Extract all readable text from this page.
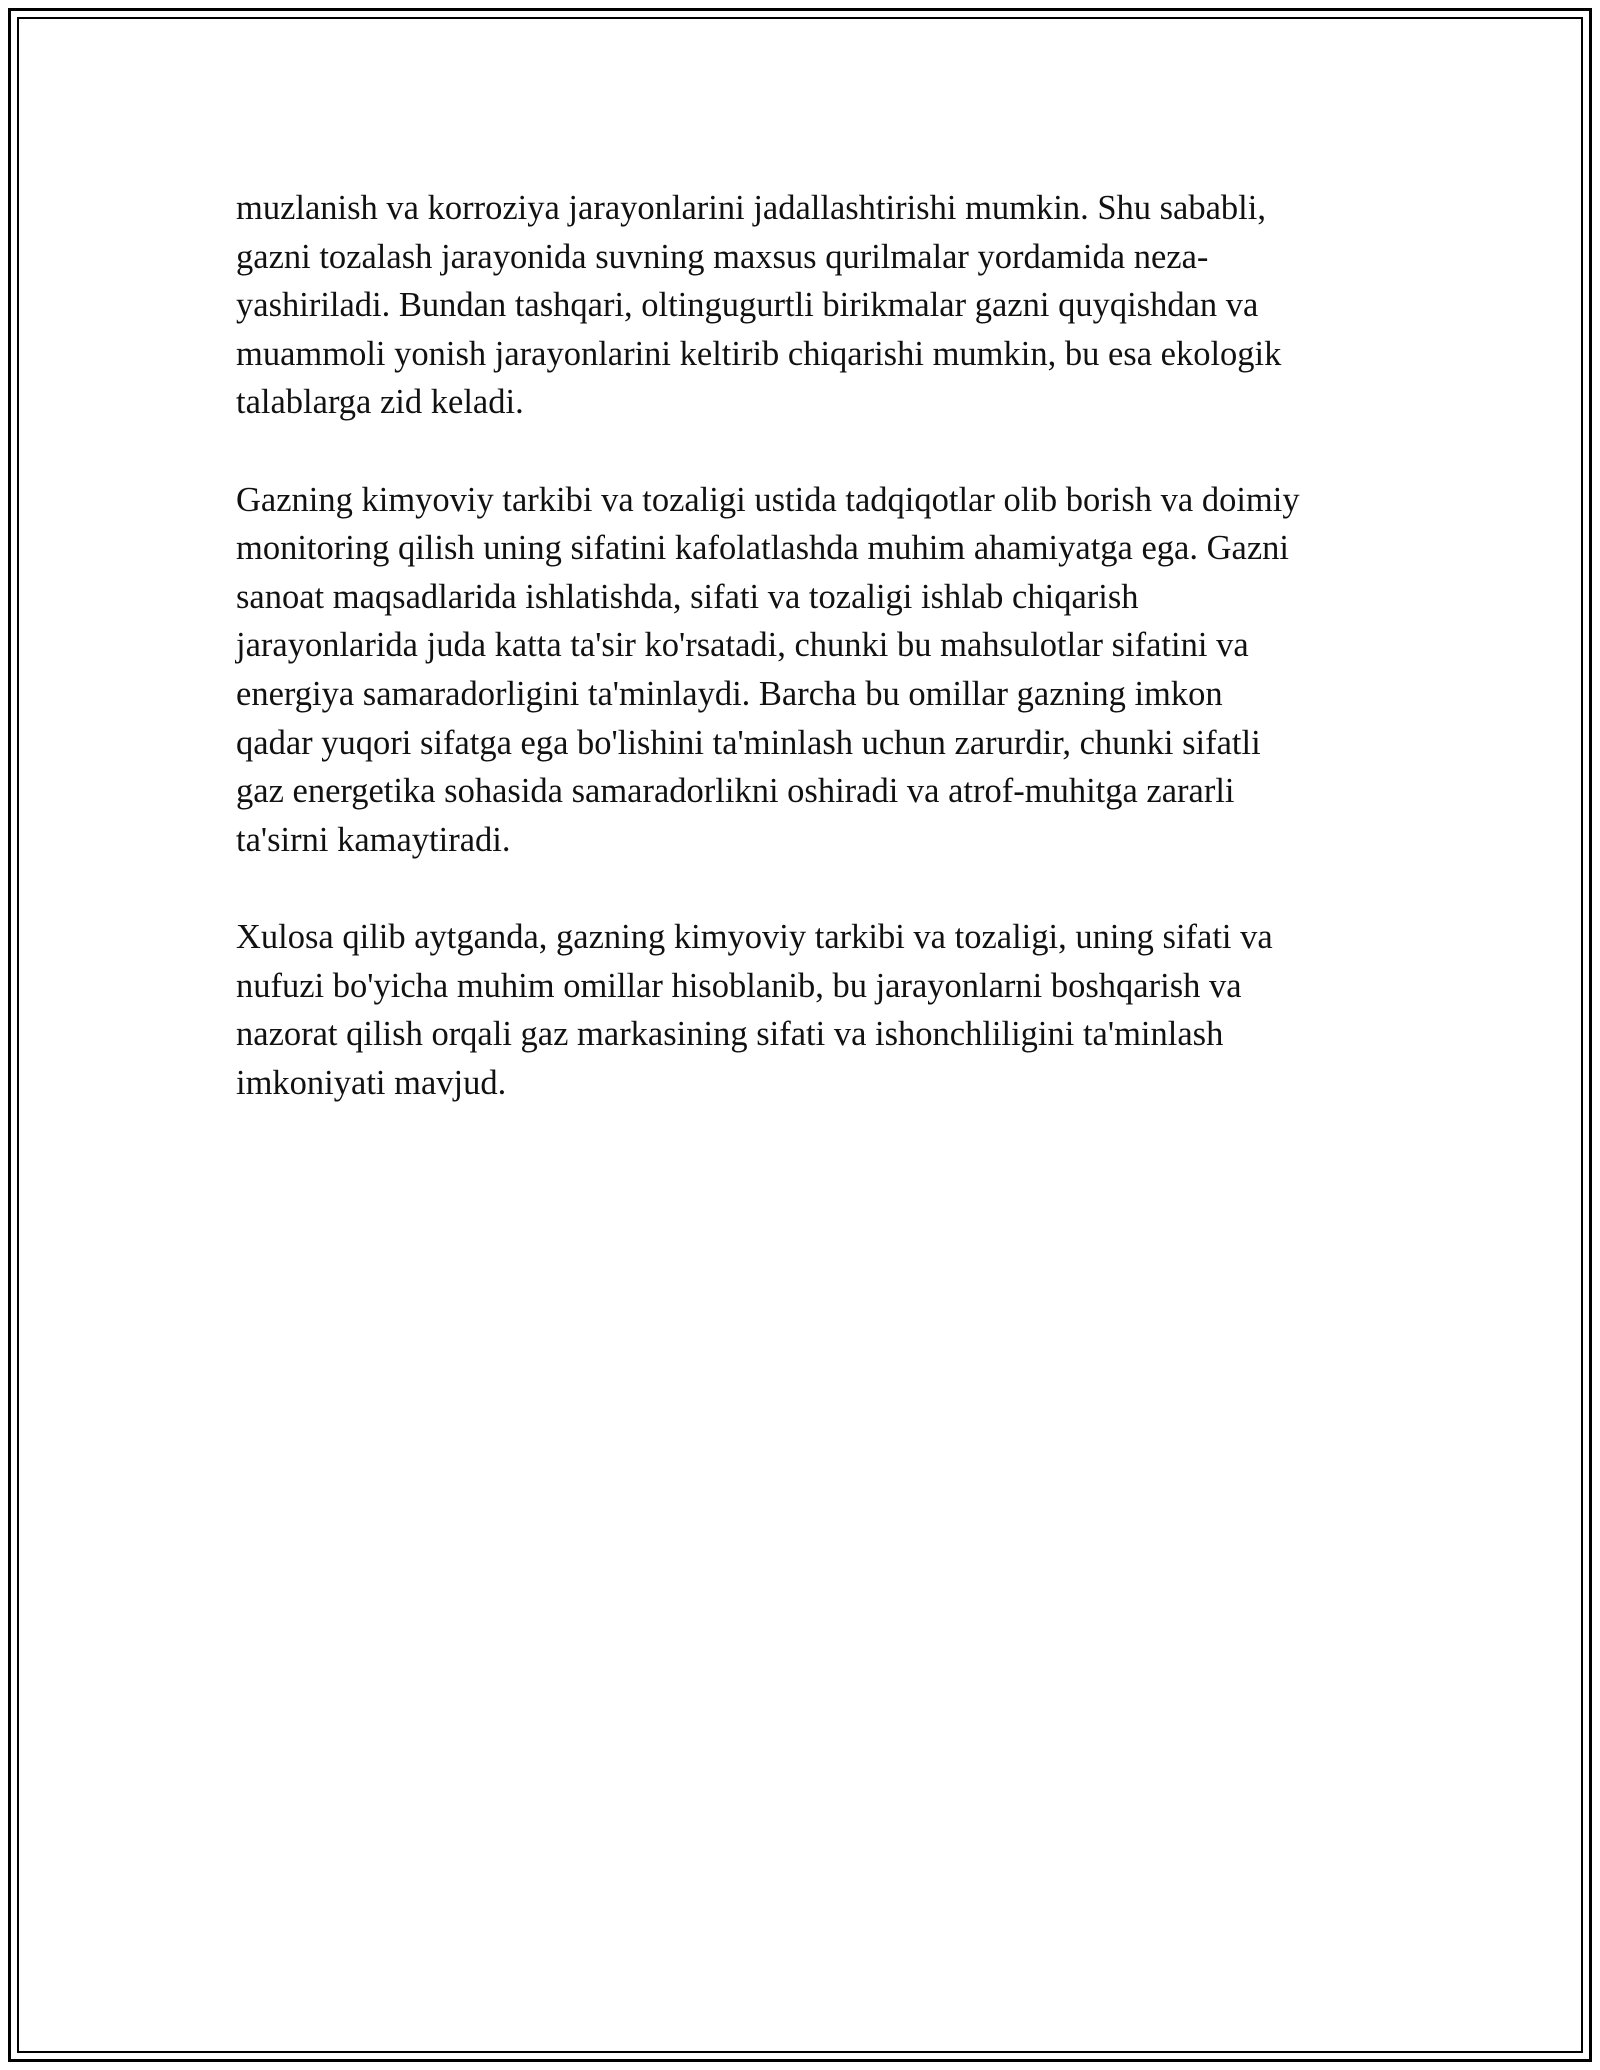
muzlanish va korroziya jarayonlarini jadallashtirishi mumkin. Shu sababli,
gazni tozalash jarayonida suvning maxsus qurilmalar yordamida neza-
yashiriladi. Bundan tashqari, oltingugurtli birikmalar gazni quyqishdan va
muammoli yonish jarayonlarini keltirib chiqarishi mumkin, bu esa ekologik
talablarga zid keladi.

Gazning kimyoviy tarkibi va tozaligi ustida tadqiqotlar olib borish va doimiy
monitoring qilish uning sifatini kafolatlashda muhim ahamiyatga ega. Gazni
sanoat maqsadlarida ishlatishda, sifati va tozaligi ishlab chiqarish
jarayonlarida juda katta ta'sir ko'rsatadi, chunki bu mahsulotlar sifatini va
energiya samaradorligini ta'minlaydi. Barcha bu omillar gazning imkon
qadar yuqori sifatga ega bo'lishini ta'minlash uchun zarurdir, chunki sifatli
gaz energetika sohasida samaradorlikni oshiradi va atrof-muhitga zararli
ta'sirni kamaytiradi.

Xulosa qilib aytganda, gazning kimyoviy tarkibi va tozaligi, uning sifati va
nufuzi bo'yicha muhim omillar hisoblanib, bu jarayonlarni boshqarish va
nazorat qilish orqali gaz markasining sifati va ishonchliligini ta'minlash
imkoniyati mavjud.
